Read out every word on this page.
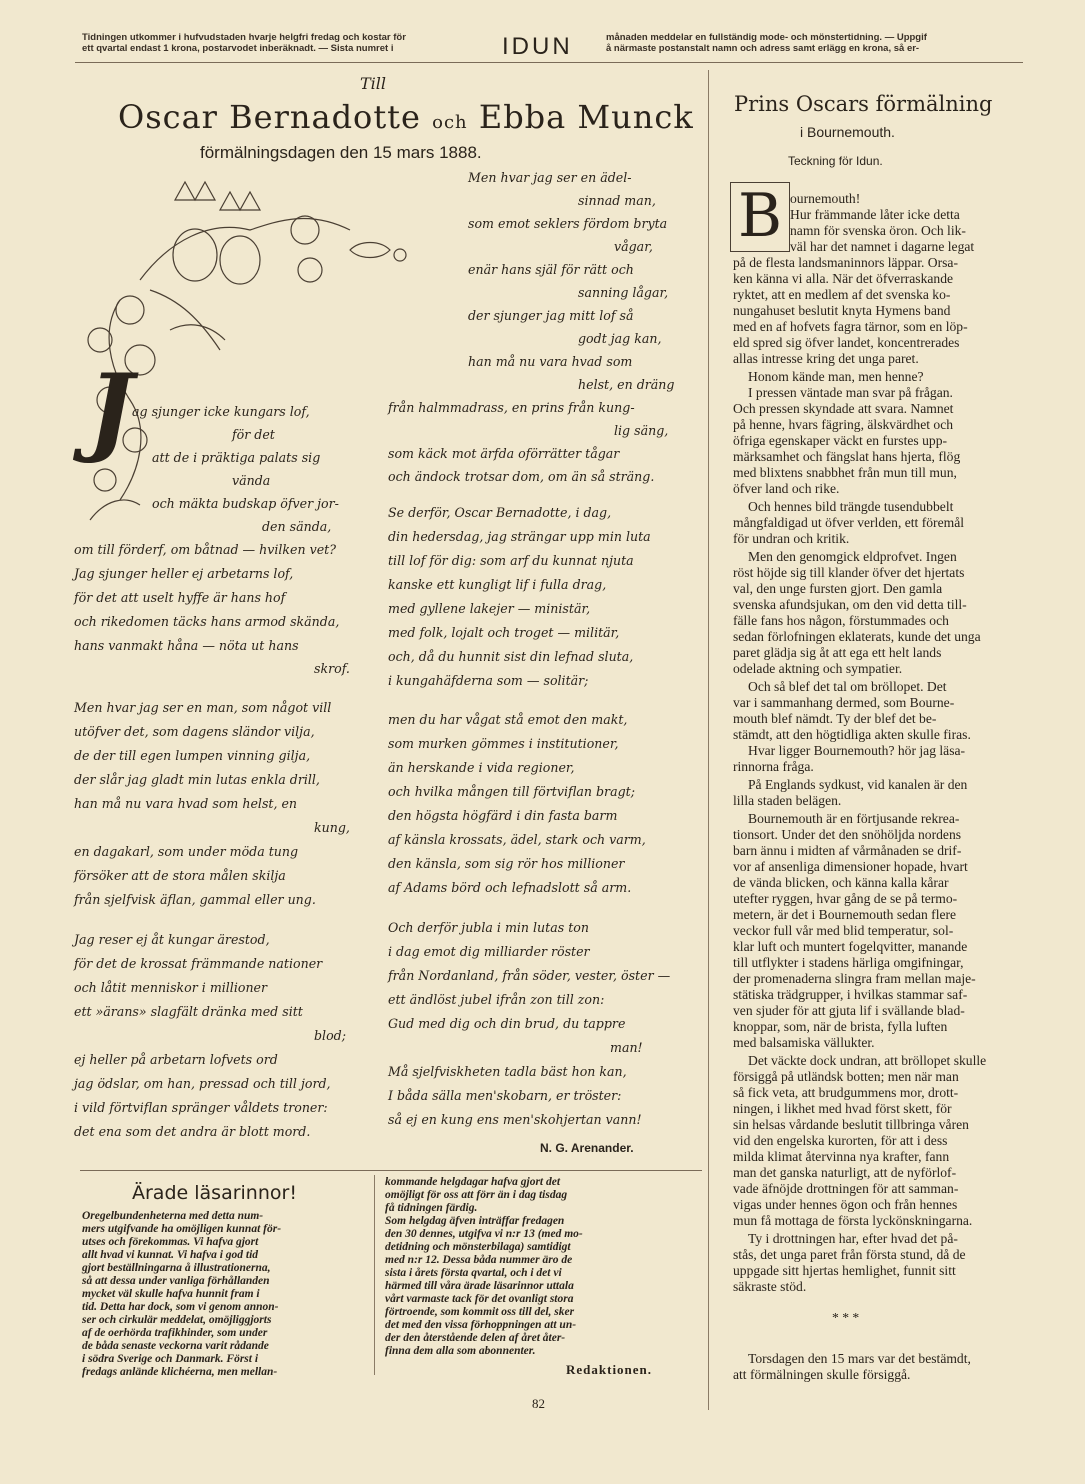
Tidningen utkommer i hufvudstaden hvarje helgfri fredag och kostar för
ett qvartal endast 1 krona, postarvodet inberäknadt. — Sista numret i	IDUN	månaden meddelar en fullständig mode- och mönstertidning. — Uppgif
å närmaste postanstalt namn och adress samt erlägg en krona, så er-
Till
Oscar Bernadotte och Ebba Munck
förmälningsdagen den 15 mars 1888.
J
ag sjunger icke kungars lof,
för det
att de i präktiga palats sig
vända
och mäkta budskap öfver jor-
den sända,
om till förderf, om båtnad — hvilken vet?
Jag sjunger heller ej arbetarns lof,
för det att uselt hyffe är hans hof
och rikedomen täcks hans armod skända,
hans vanmakt håna — nöta ut hans
skrof.
Men hvar jag ser en man, som något vill
utöfver det, som dagens sländor vilja,
de der till egen lumpen vinning gilja,
der slår jag gladt min lutas enkla drill,
han må nu vara hvad som helst, en
kung,
en dagakarl, som under möda tung
försöker att de stora målen skilja
från sjelfvisk äflan, gammal eller ung.
Jag reser ej åt kungar ärestod,
för det de krossat främmande nationer
och låtit menniskor i millioner
ett »ärans» slagfält dränka med sitt
blod;
ej heller på arbetarn lofvets ord
jag ödslar, om han, pressad och till jord,
i vild förtviflan spränger våldets troner:
det ena som det andra är blott mord.
Men hvar jag ser en ädel-
sinnad man,
som emot seklers fördom bryta
vågar,
enär hans själ för rätt och
sanning lågar,
der sjunger jag mitt lof så
godt jag kan,
han må nu vara hvad som
helst, en dräng
från halmmadrass, en prins från kung-
lig säng,
som käck mot ärfda oförrätter tågar
och ändock trotsar dom, om än så sträng.
Se derför, Oscar Bernadotte, i dag,
din hedersdag, jag strängar upp min luta
till lof för dig: som arf du kunnat njuta
kanske ett kungligt lif i fulla drag,
med gyllene lakejer — ministär,
med folk, lojalt och troget — militär,
och, då du hunnit sist din lefnad sluta,
i kungahäfderna som — solitär;
men du har vågat stå emot den makt,
som murken gömmes i institutioner,
än herskande i vida regioner,
och hvilka mången till förtviflan bragt;
den högsta högfärd i din fasta barm
af känsla krossats, ädel, stark och varm,
den känsla, som sig rör hos millioner
af Adams börd och lefnadslott så arm.
Och derför jubla i min lutas ton
i dag emot dig milliarder röster
från Nordanland, från söder, vester, öster —
ett ändlöst jubel ifrån zon till zon:
Gud med dig och din brud, du tappre
man!
Må sjelfviskheten tadla bäst hon kan,
I båda sälla men'skobarn, er tröster:
så ej en kung ens men'skohjertan vann!
N. G. Arenander.
Prins Oscars förmälning
i Bournemouth.
Teckning för Idun.
B ournemouth!
Hur främmande låter icke detta
namn för svenska öron. Och lik-
väl har det namnet i dagarne legat
på de flesta landsmaninnors läppar. Orsa-
ken känna vi alla. När det öfverraskande
ryktet, att en medlem af det svenska ko-
nungahuset beslutit knyta Hymens band
med en af hofvets fagra tärnor, som en löp-
eld spred sig öfver landet, koncentrerades
allas intresse kring det unga paret.
Honom kände man, men henne?
I pressen väntade man svar på frågan.
Och pressen skyndade att svara. Namnet
på henne, hvars fägring, älskvärdhet och
öfriga egenskaper väckt en furstes upp-
märksamhet och fängslat hans hjerta, flög
med blixtens snabbhet från mun till mun,
öfver land och rike.
Och hennes bild trängde tusendubbelt
mångfaldigad ut öfver verlden, ett föremål
för undran och kritik.
Men den genomgick eldprofvet. Ingen
röst höjde sig till klander öfver det hjertats
val, den unge fursten gjort. Den gamla
svenska afundsjukan, om den vid detta till-
fälle fans hos någon, förstummades och
sedan förlofningen eklaterats, kunde det unga
paret glädja sig åt att ega ett helt lands
odelade aktning och sympatier.
Och så blef det tal om bröllopet. Det
var i sammanhang dermed, som Bourne-
mouth blef nämdt. Ty der blef det be-
stämdt, att den högtidliga akten skulle firas.
Hvar ligger Bournemouth? hör jag läsa-
rinnorna fråga.
På Englands sydkust, vid kanalen är den
lilla staden belägen.
Bournemouth är en förtjusande rekrea-
tionsort. Under det den snöhöljda nordens
barn ännu i midten af vårmånaden se drif-
vor af ansenliga dimensioner hopade, hvart
de vända blicken, och känna kalla kårar
utefter ryggen, hvar gång de se på termo-
metern, är det i Bournemouth sedan flere
veckor full vår med blid temperatur, sol-
klar luft och muntert fogelqvitter, manande
till utflykter i stadens härliga omgifningar,
der promenaderna slingra fram mellan maje-
stätiska trädgrupper, i hvilkas stammar saf-
ven sjuder för att gjuta lif i svällande blad-
knoppar, som, när de brista, fylla luften
med balsamiska vällukter.
Det väckte dock undran, att bröllopet skulle
försiggå på utländsk botten; men när man
så fick veta, att brudgummens mor, drott-
ningen, i likhet med hvad först skett, för
sin helsas vårdande beslutit tillbringa våren
vid den engelska kurorten, för att i dess
milda klimat återvinna nya krafter, fann
man det ganska naturligt, att de nyförlof-
vade äfnöjde drottningen för att samman-
vigas under hennes ögon och från hennes
mun få mottaga de första lyckönskningarna.
Ty i drottningen har, efter hvad det på-
stås, det unga paret från första stund, då de
uppgade sitt hjertas hemlighet, funnit sitt
säkraste stöd.
* * *
Torsdagen den 15 mars var det bestämdt,
att förmälningen skulle försiggå.
Ärade läsarinnor!
Oregelbundenheterna med detta num-
mers utgifvande ha omöjligen kunnat för-
utses och förekommas. Vi hafva gjort
allt hvad vi kunnat. Vi hafva i god tid
gjort beställningarna å illustrationerna,
så att dessa under vanliga förhållanden
mycket väl skulle hafva hunnit fram i
tid. Detta har dock, som vi genom annon-
ser och cirkulär meddelat, omöjliggjorts
af de oerhörda trafikhinder, som under
de båda senaste veckorna varit rådande
i södra Sverige och Danmark. Först i
fredags anlände klichéerna, men mellan-
kommande helgdagar hafva gjort det
omöjligt för oss att förr än i dag tisdag
få tidningen färdig.
Som helgdag äfven inträffar fredagen
den 30 dennes, utgifva vi n:r 13 (med mo-
detidning och mönsterbilaga) samtidigt
med n:r 12. Dessa båda nummer äro de
sista i årets första qvartal, och i det vi
härmed till våra ärade läsarinnor uttala
vårt varmaste tack för det ovanligt stora
förtroende, som kommit oss till del, sker
det med den vissa förhoppningen att un-
der den återstående delen af året åter-
finna dem alla som abonnenter.
Redaktionen.
82
